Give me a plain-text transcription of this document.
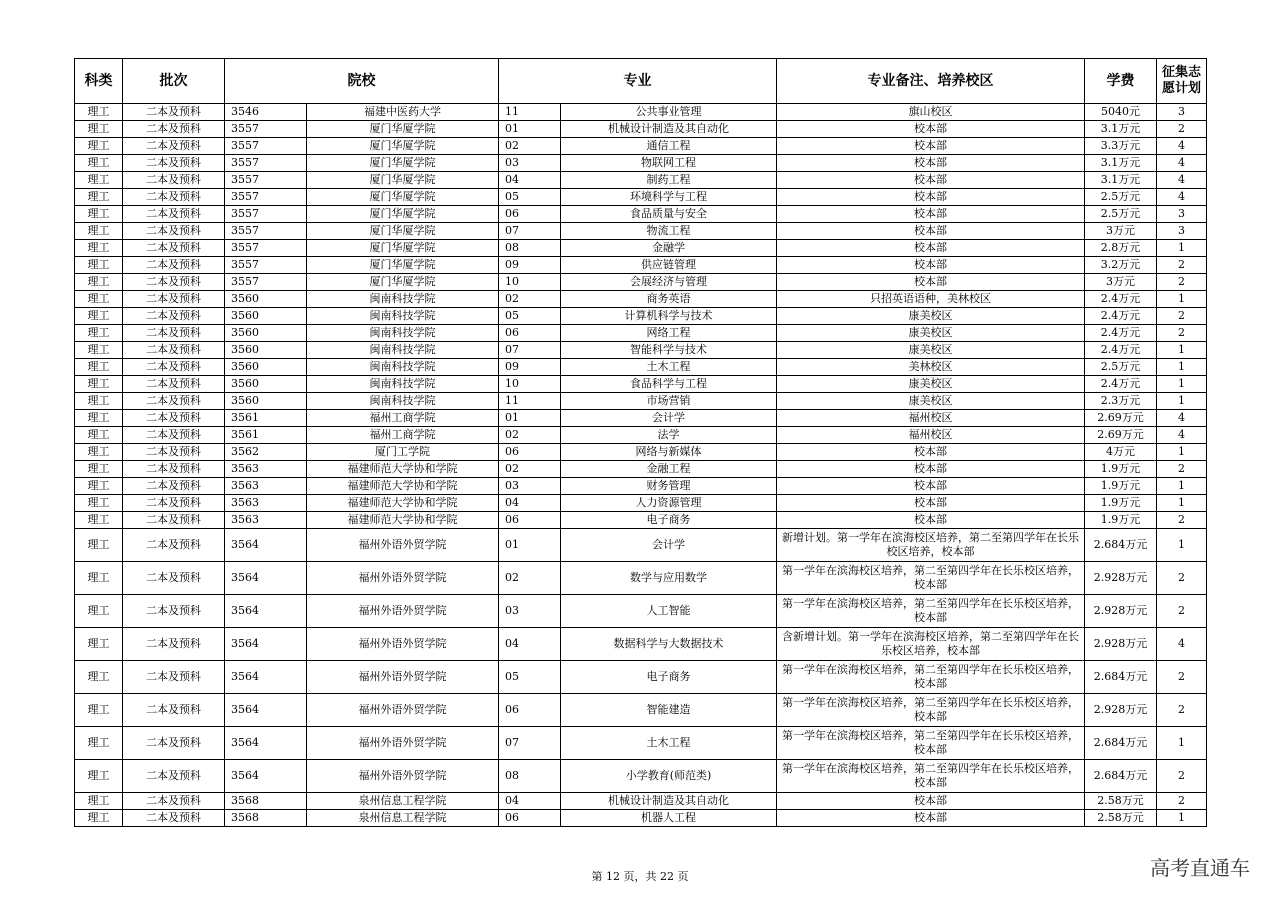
科类	批次	院校		专业		专业备注、培养校区	学费	征集志愿计划
理工	二本及预科	3546	福建中医药大学	11	公共事业管理	旗山校区	5040元	3
理工	二本及预科	3557	厦门华厦学院	01	机械设计制造及其自动化	校本部	3.1万元	2
理工	二本及预科	3557	厦门华厦学院	02	通信工程	校本部	3.3万元	4
理工	二本及预科	3557	厦门华厦学院	03	物联网工程	校本部	3.1万元	4
理工	二本及预科	3557	厦门华厦学院	04	制药工程	校本部	3.1万元	4
理工	二本及预科	3557	厦门华厦学院	05	环境科学与工程	校本部	2.5万元	4
理工	二本及预科	3557	厦门华厦学院	06	食品质量与安全	校本部	2.5万元	3
理工	二本及预科	3557	厦门华厦学院	07	物流工程	校本部	3万元	3
理工	二本及预科	3557	厦门华厦学院	08	金融学	校本部	2.8万元	1
理工	二本及预科	3557	厦门华厦学院	09	供应链管理	校本部	3.2万元	2
理工	二本及预科	3557	厦门华厦学院	10	会展经济与管理	校本部	3万元	2
理工	二本及预科	3560	闽南科技学院	02	商务英语	只招英语语种，美林校区	2.4万元	1
理工	二本及预科	3560	闽南科技学院	05	计算机科学与技术	康美校区	2.4万元	2
理工	二本及预科	3560	闽南科技学院	06	网络工程	康美校区	2.4万元	2
理工	二本及预科	3560	闽南科技学院	07	智能科学与技术	康美校区	2.4万元	1
理工	二本及预科	3560	闽南科技学院	09	土木工程	美林校区	2.5万元	1
理工	二本及预科	3560	闽南科技学院	10	食品科学与工程	康美校区	2.4万元	1
理工	二本及预科	3560	闽南科技学院	11	市场营销	康美校区	2.3万元	1
理工	二本及预科	3561	福州工商学院	01	会计学	福州校区	2.69万元	4
理工	二本及预科	3561	福州工商学院	02	法学	福州校区	2.69万元	4
理工	二本及预科	3562	厦门工学院	06	网络与新媒体	校本部	4万元	1
理工	二本及预科	3563	福建师范大学协和学院	02	金融工程	校本部	1.9万元	2
理工	二本及预科	3563	福建师范大学协和学院	03	财务管理	校本部	1.9万元	1
理工	二本及预科	3563	福建师范大学协和学院	04	人力资源管理	校本部	1.9万元	1
理工	二本及预科	3563	福建师范大学协和学院	06	电子商务	校本部	1.9万元	2
理工	二本及预科	3564	福州外语外贸学院	01	会计学	新增计划。第一学年在滨海校区培养，第二至第四学年在长乐校区培养，校本部	2.684万元	1
理工	二本及预科	3564	福州外语外贸学院	02	数学与应用数学	第一学年在滨海校区培养，第二至第四学年在长乐校区培养，校本部	2.928万元	2
理工	二本及预科	3564	福州外语外贸学院	03	人工智能	第一学年在滨海校区培养，第二至第四学年在长乐校区培养，校本部	2.928万元	2
理工	二本及预科	3564	福州外语外贸学院	04	数据科学与大数据技术	含新增计划。第一学年在滨海校区培养，第二至第四学年在长乐校区培养，校本部	2.928万元	4
理工	二本及预科	3564	福州外语外贸学院	05	电子商务	第一学年在滨海校区培养，第二至第四学年在长乐校区培养，校本部	2.684万元	2
理工	二本及预科	3564	福州外语外贸学院	06	智能建造	第一学年在滨海校区培养，第二至第四学年在长乐校区培养，校本部	2.928万元	2
理工	二本及预科	3564	福州外语外贸学院	07	土木工程	第一学年在滨海校区培养，第二至第四学年在长乐校区培养，校本部	2.684万元	1
理工	二本及预科	3564	福州外语外贸学院	08	小学教育(师范类)	第一学年在滨海校区培养，第二至第四学年在长乐校区培养，校本部	2.684万元	2
理工	二本及预科	3568	泉州信息工程学院	04	机械设计制造及其自动化	校本部	2.58万元	2
理工	二本及预科	3568	泉州信息工程学院	06	机器人工程	校本部	2.58万元	1
第 12 页，共 22 页	高考直通车
